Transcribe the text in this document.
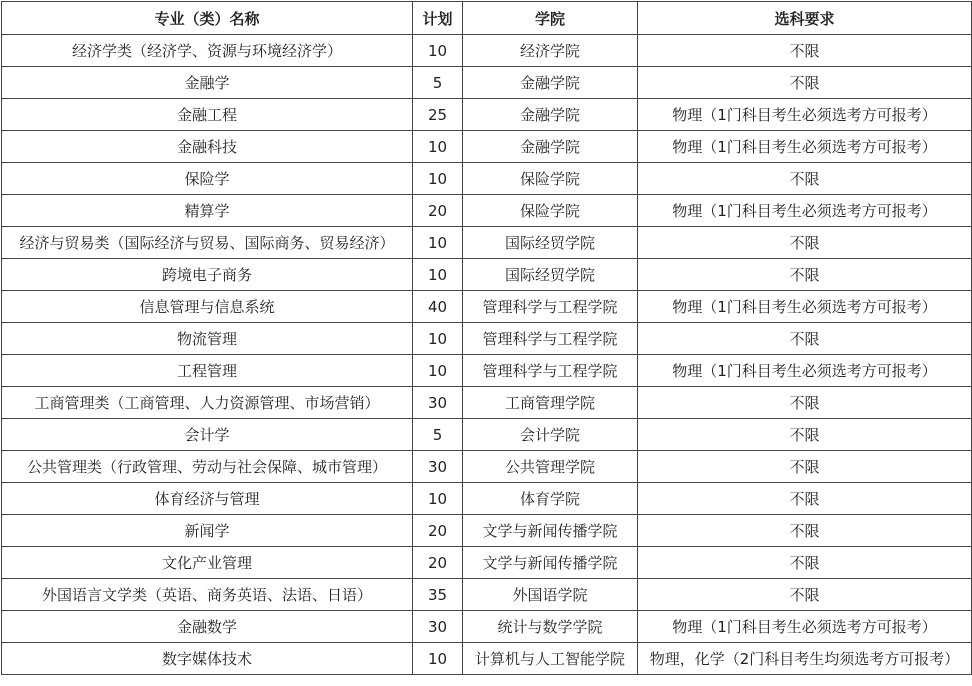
专业（类）名称	计划	学院	选科要求
经济学类（经济学、资源与环境经济学）	10	经济学院	不限
金融学	5	金融学院	不限
金融工程	25	金融学院	物理（1门科目考生必须选考方可报考）
金融科技	10	金融学院	物理（1门科目考生必须选考方可报考）
保险学	10	保险学院	不限
精算学	20	保险学院	物理（1门科目考生必须选考方可报考）
经济与贸易类（国际经济与贸易、国际商务、贸易经济）	10	国际经贸学院	不限
跨境电子商务	10	国际经贸学院	不限
信息管理与信息系统	40	管理科学与工程学院	物理（1门科目考生必须选考方可报考）
物流管理	10	管理科学与工程学院	不限
工程管理	10	管理科学与工程学院	物理（1门科目考生必须选考方可报考）
工商管理类（工商管理、人力资源管理、市场营销）	30	工商管理学院	不限
会计学	5	会计学院	不限
公共管理类（行政管理、劳动与社会保障、城市管理）	30	公共管理学院	不限
体育经济与管理	10	体育学院	不限
新闻学	20	文学与新闻传播学院	不限
文化产业管理	20	文学与新闻传播学院	不限
外国语言文学类（英语、商务英语、法语、日语）	35	外国语学院	不限
金融数学	30	统计与数学学院	物理（1门科目考生必须选考方可报考）
数字媒体技术	10	计算机与人工智能学院	物理，化学（2门科目考生均须选考方可报考）
